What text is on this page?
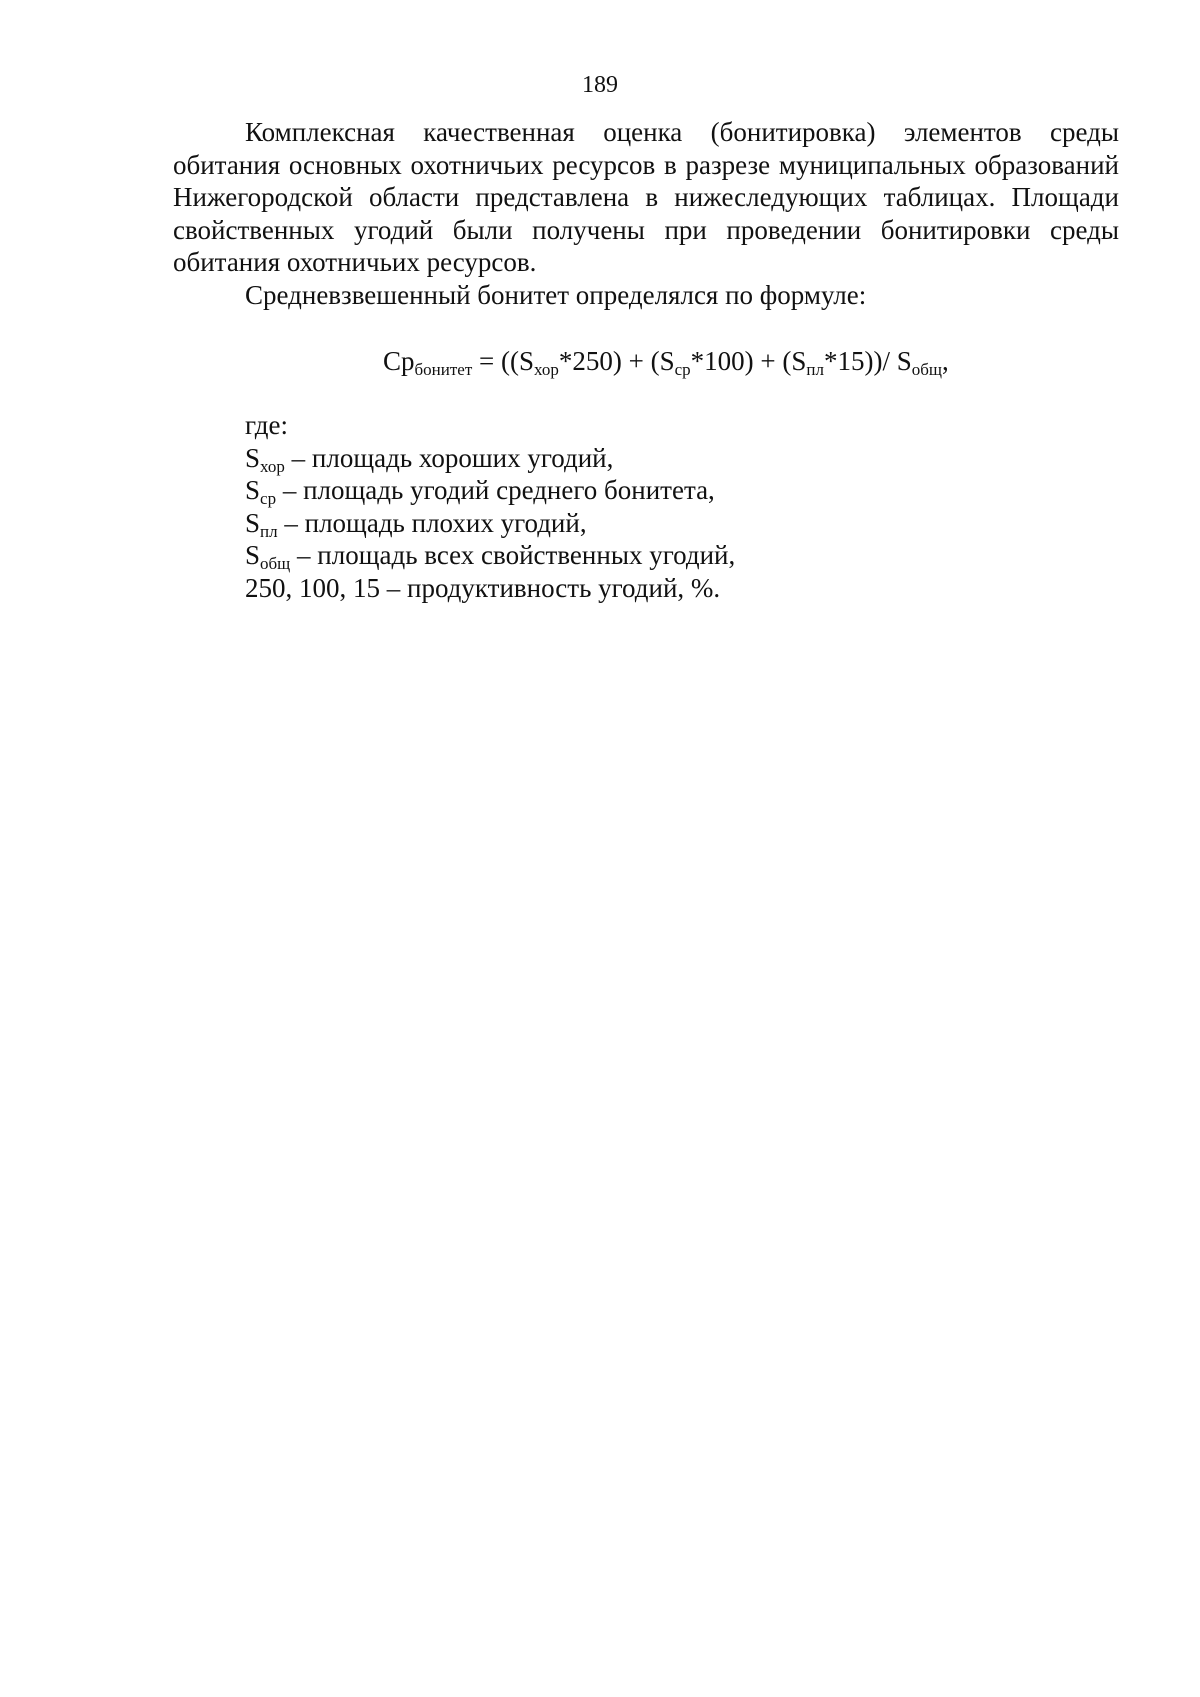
189

Комплексная качественная оценка (бонитировка) элементов среды обитания основных охотничьих ресурсов в разрезе муниципальных образований Нижегородской области представлена в нижеследующих таблицах. Площади свойственных угодий были получены при проведении бонитировки среды обитания охотничьих ресурсов.

Средневзвешенный бонитет определялся по формуле:

$Ср_{бонитет} = ((S_{хор}*250) + (S_{ср}*100) + (S_{пл}*15))/$ $S_{общ}$,

где:

$S_{хор}$ – площадь хороших угодий,

$S_{ср}$ – площадь угодий среднего бонитета,

$S_{пл}$ – площадь плохих угодий,

$S_{общ}$ – площадь всех свойственных угодий,

250, 100, 15 – продуктивность угодий, %.
